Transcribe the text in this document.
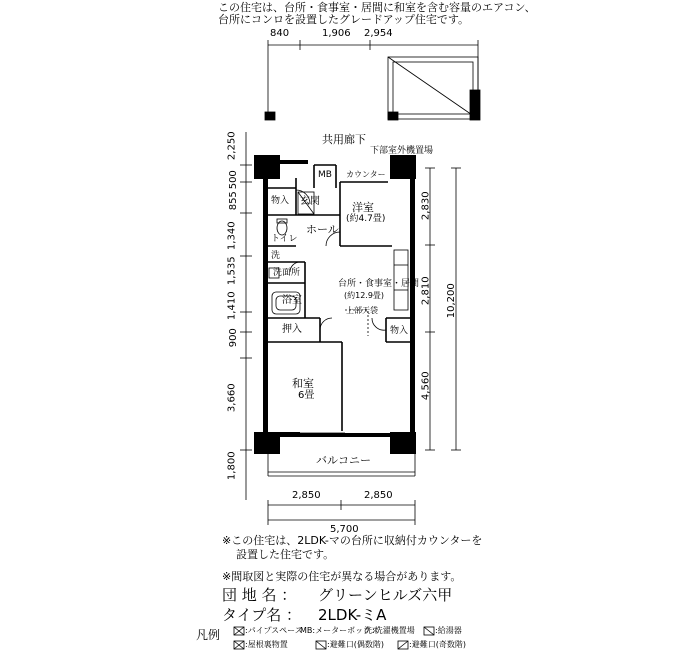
この住宅は、台所・食事室・居間に和室を含む容量のエアコン、
台所にコンロを設置したグレードアップ住宅です。
840	1,906 2,954
2,250
500
855
1,340
1,535
1,410
900
3,660
1,800
2,830
2,810
4,560
10,200
2,850	2,850
5,700
共用廊下
下部室外機置場
カウンター
MB
物入 玄関	洋室
(約4.7畳)
ホール
トイレ
洗
洗面所
台所・食事室・居間
(約12.9畳)
浴室
上部天袋
押入	物入
和室
6畳
バルコニー
※この住宅は、2LDK-マの台所に収納付カウンターを
設置した住宅です。
※間取図と実際の住宅が異なる場合があります。
団 地 名 ： グリーンヒルズ六甲
タイプ名 ： 2LDK-ミA
凡例	:パイプスペース
MB:メーターボックス
洗:洗濯機置場	:給湯器
:屋根裏物置	:避難口(偶数階)	:避難口(奇数階)
